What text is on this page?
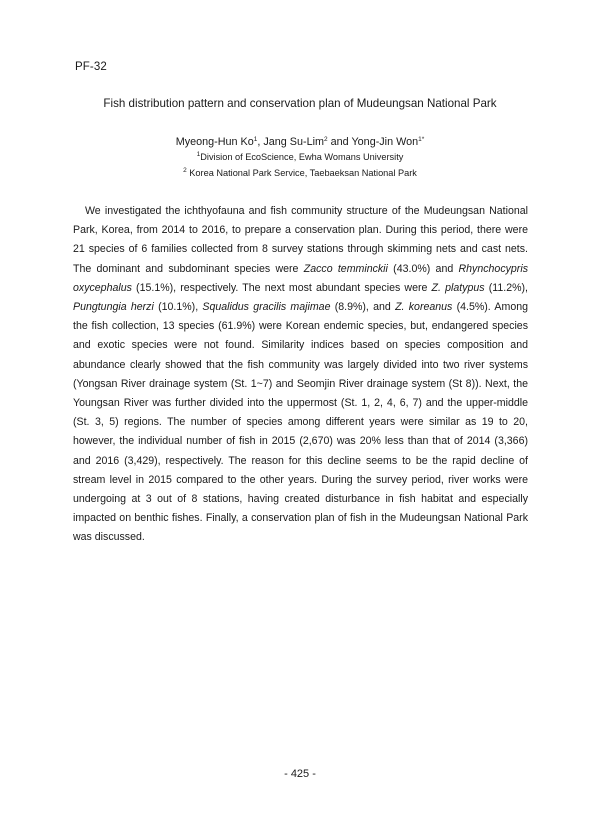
PF-32
Fish distribution pattern and conservation plan of Mudeungsan National Park
Myeong-Hun Ko$^1$, Jang Su-Lim$^2$ and Yong-Jin Won$^{1*}$
$^1$Division of EcoScience, Ewha Womans University
$^2$ Korea National Park Service, Taebaeksan National Park

We investigated the ichthyofauna and fish community structure of the Mudeungsan National Park, Korea, from 2014 to 2016, to prepare a conservation plan. During this period, there were 21 species of 6 families collected from 8 survey stations through skimming nets and cast nets. The dominant and subdominant species were Zacco temminckii (43.0%) and Rhynchocypris oxycephalus (15.1%), respectively. The next most abundant species were Z. platypus (11.2%), Pungtungia herzi (10.1%), Squalidus gracilis majimae (8.9%), and Z. koreanus (4.5%). Among the fish collection, 13 species (61.9%) were Korean endemic species, but, endangered species and exotic species were not found. Similarity indices based on species composition and abundance clearly showed that the fish community was largely divided into two river systems (Yongsan River drainage system (St. 1~7) and Seomjin River drainage system (St 8)). Next, the Youngsan River was further divided into the uppermost (St. 1, 2, 4, 6, 7) and the upper-middle (St. 3, 5) regions. The number of species among different years were similar as 19 to 20, however, the individual number of fish in 2015 (2,670) was 20% less than that of 2014 (3,366) and 2016 (3,429), respectively. The reason for this decline seems to be the rapid decline of stream level in 2015 compared to the other years. During the survey period, river works were undergoing at 3 out of 8 stations, having created disturbance in fish habitat and especially impacted on benthic fishes. Finally, a conservation plan of fish in the Mudeungsan National Park was discussed.

- 425 -
